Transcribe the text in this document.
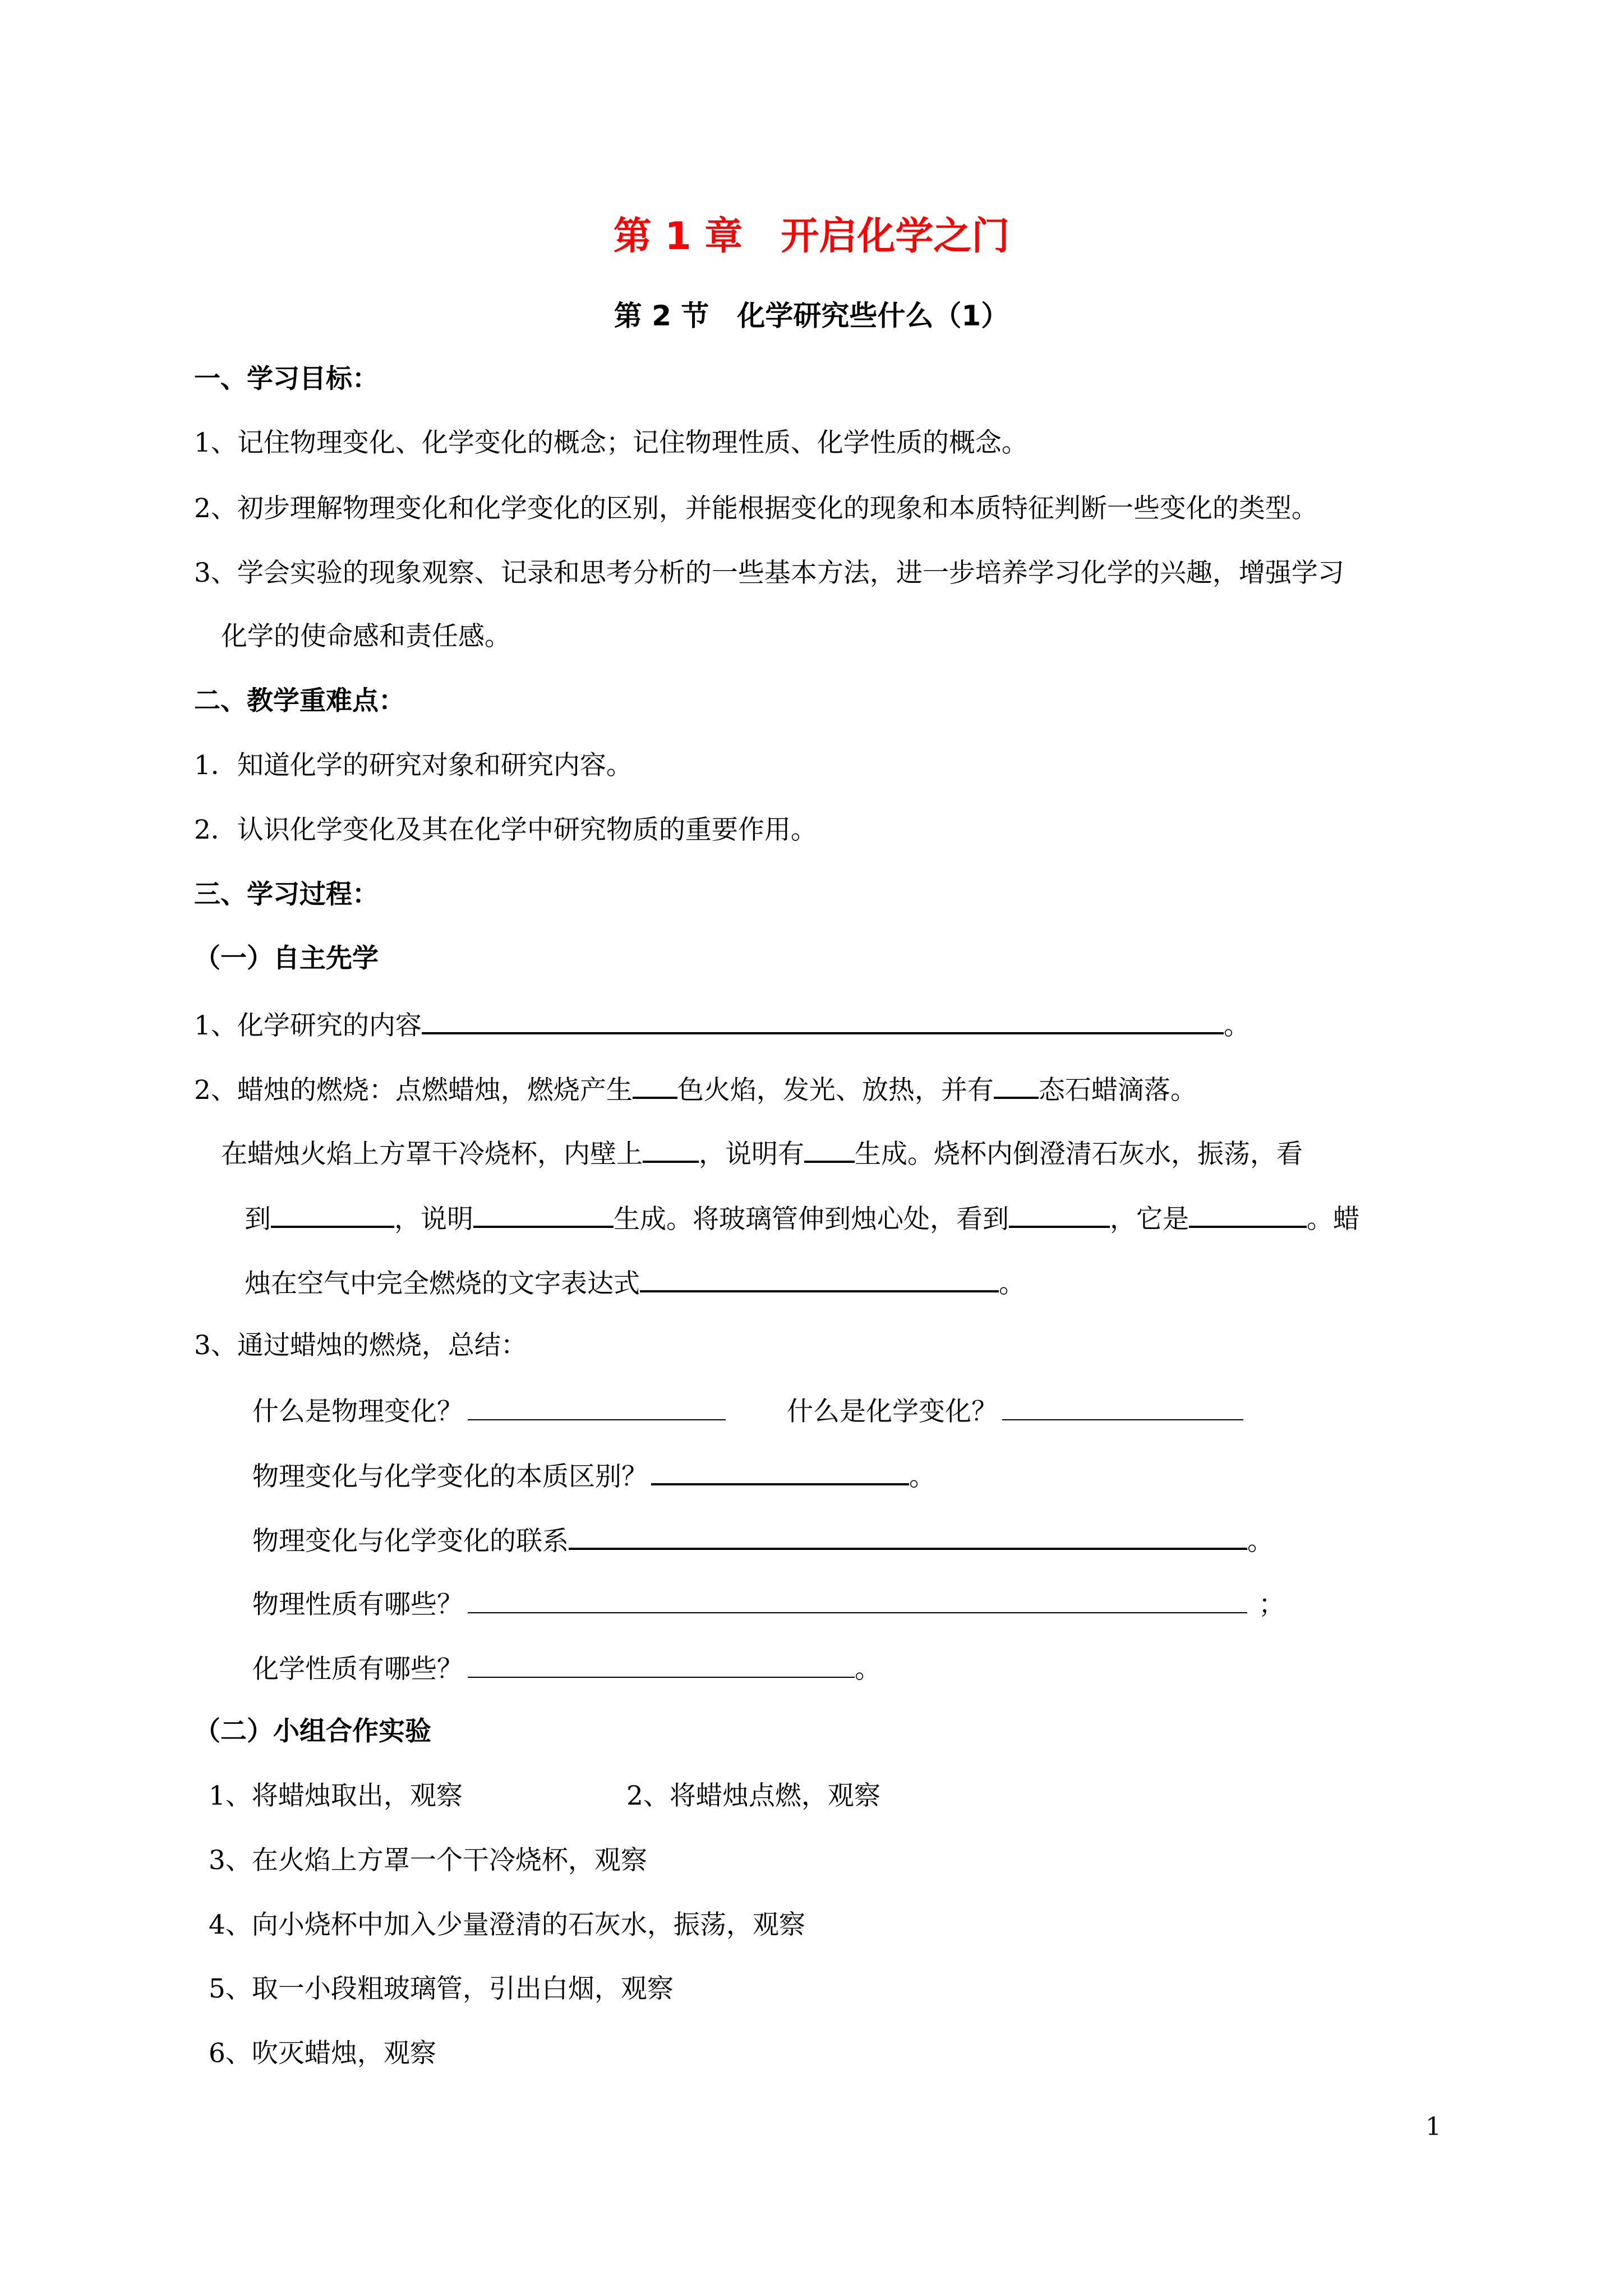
第 1 章　开启化学之门
第 2 节　化学研究些什么（1）
一、学习目标：
1、记住物理变化、化学变化的概念；记住物理性质、化学性质的概念。
2、初步理解物理变化和化学变化的区别，并能根据变化的现象和本质特征判断一些变化的类型。
3、学会实验的现象观察、记录和思考分析的一些基本方法，进一步培养学习化学的兴趣，增强学习
化学的使命感和责任感。
二、教学重难点：
1．知道化学的研究对象和研究内容。
2．认识化学变化及其在化学中研究物质的重要作用。
三、学习过程：
（一）自主先学
1、化学研究的内容	。
2、蜡烛的燃烧：点燃蜡烛，燃烧产生 色火焰，发光、放热，并有 态石蜡滴落。
在蜡烛火焰上方罩干冷烧杯，内壁上 ，说明有 生成。烧杯内倒澄清石灰水，振荡，看
到	，说明	生成。将玻璃管伸到烛心处，看到	，它是	。蜡
烛在空气中完全燃烧的文字表达式	。
3、通过蜡烛的燃烧，总结：
什么是物理变化？	什么是化学变化？
物理变化与化学变化的本质区别？	。
物理变化与化学变化的联系	。
物理性质有哪些？	；
化学性质有哪些？	。
（二）小组合作实验
1、将蜡烛取出，观察	2、将蜡烛点燃，观察
3、在火焰上方罩一个干冷烧杯，观察
4、向小烧杯中加入少量澄清的石灰水，振荡，观察
5、取一小段粗玻璃管，引出白烟，观察
6、吹灭蜡烛，观察
1
